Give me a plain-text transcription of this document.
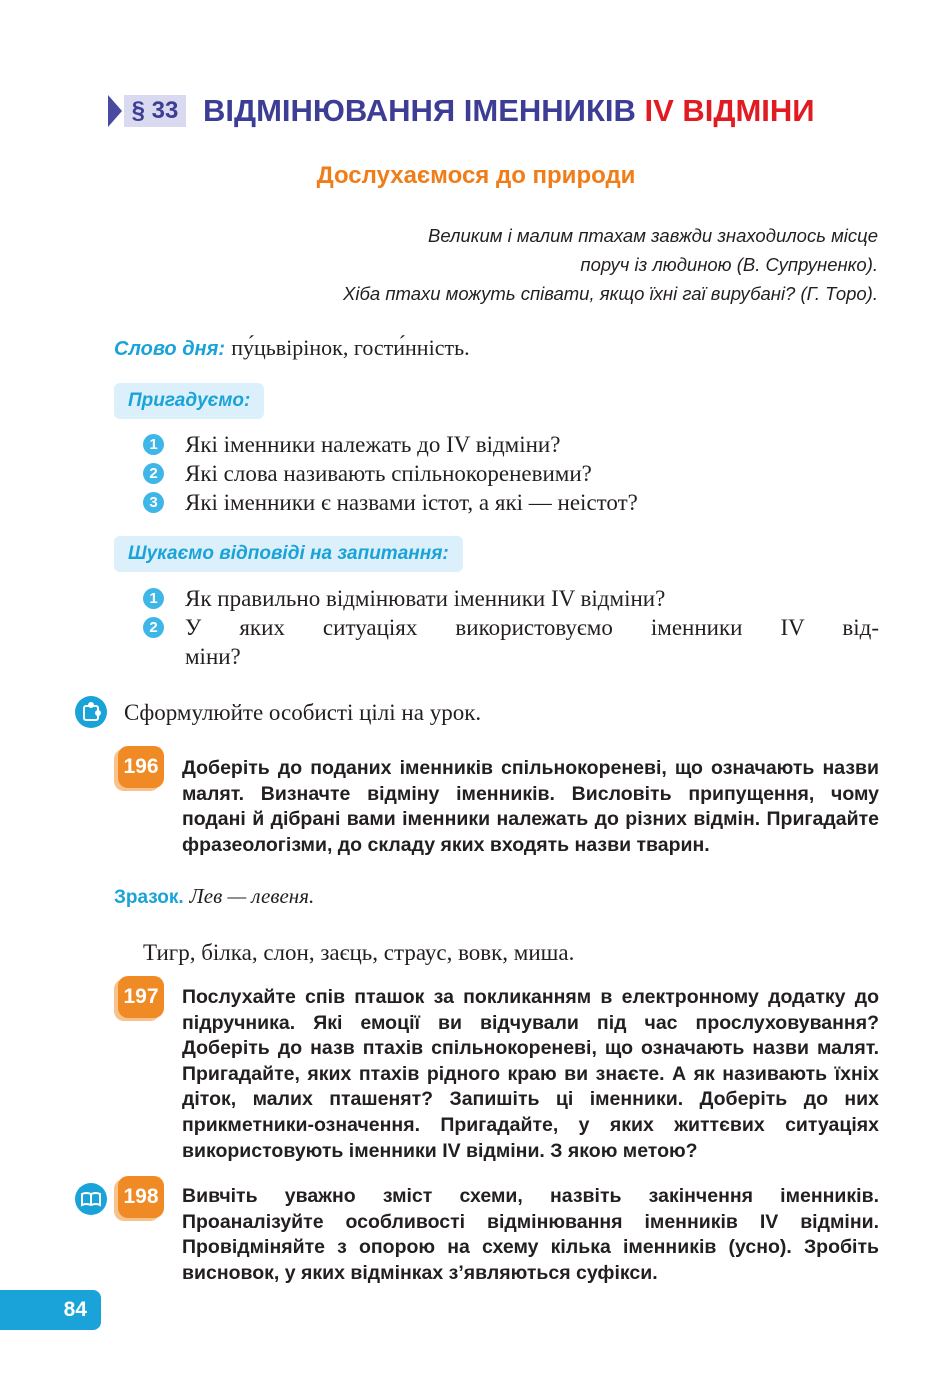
§ 33 ВІДМІНЮВАННЯ ІМЕННИКІВ IV ВІДМІНИ
Дослухаємося до природи
Великим і малим птахам завжди знаходилось місце
поруч із людиною (В. Супруненко).
Хіба птахи можуть співати, якщо їхні гаї вирубані? (Г. Торо).
Слово дня: пу́цьвірінок, гости́нність.
Пригадуємо:
1 Які іменники належать до IV відміни?
2 Які слова називають спільнокореневими?
3 Які іменники є назвами істот, а які — неістот?
Шукаємо відповіді на запитання:
1 Як правильно відмінювати іменники IV відміни?
2 У яких ситуаціях використовуємо іменники IV від-
міни?
Сформулюйте особисті цілі на урок.
196 Доберіть до поданих іменників спільнокореневі, що означають назви малят. Визначте відміну іменників. Висловіть припущення, чому подані й дібрані вами іменники належать до різних відмін. Пригадайте фразеологізми, до складу яких входять назви тварин.
Зразок. Лев — левеня.
Тигр, білка, слон, заєць, страус, вовк, миша.
197 Послухайте спів пташок за покликанням в електронному додатку до підручника. Які емоції ви відчували під час прослуховування? Доберіть до назв птахів спільнокореневі, що означають назви малят. Пригадайте, яких птахів рідного краю ви знаєте. А як називають їхніх діток, малих пташенят? Запишіть ці іменники. Доберіть до них прикметники-означення. Пригадайте, у яких життєвих ситуаціях використовують іменники IV відміни. З якою метою?
198 Вивчіть уважно зміст схеми, назвіть закінчення іменників. Проаналізуйте особливості відмінювання іменників IV відміни. Провідміняйте з опорою на схему кілька іменників (усно). Зробіть висновок, у яких відмінках з’являються суфікси.
84
